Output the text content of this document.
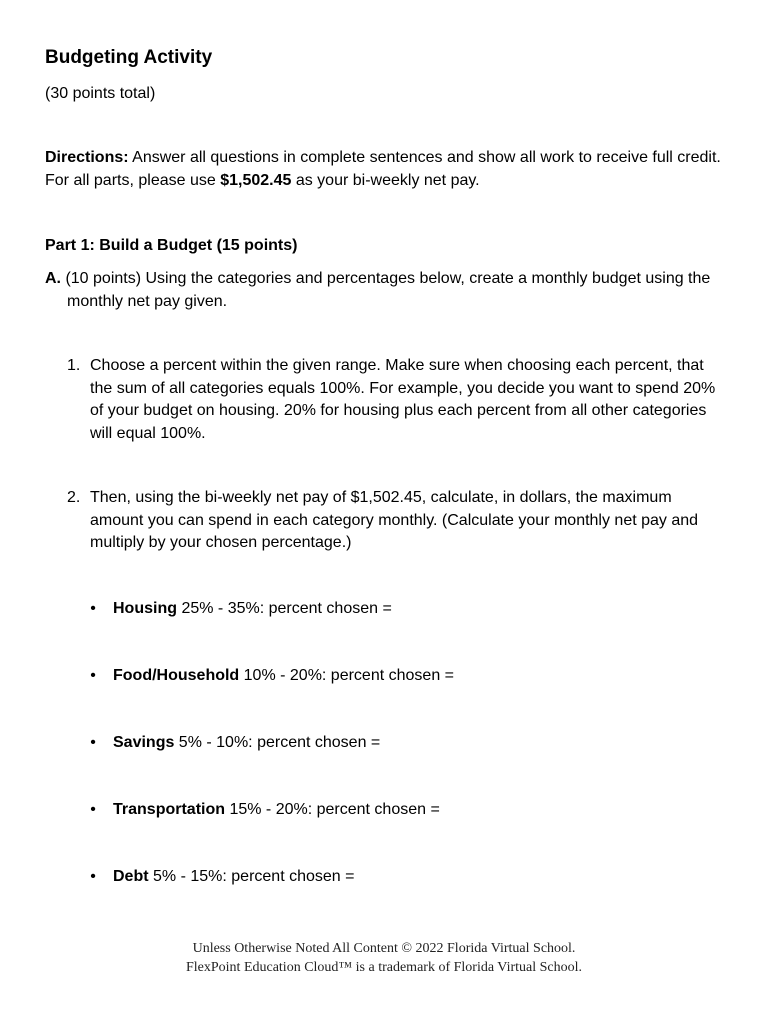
Budgeting Activity
(30 points total)
Directions: Answer all questions in complete sentences and show all work to receive full credit. For all parts, please use $1,502.45 as your bi-weekly net pay.
Part 1: Build a Budget (15 points)
A. (10 points) Using the categories and percentages below, create a monthly budget using the monthly net pay given.
1. Choose a percent within the given range. Make sure when choosing each percent, that the sum of all categories equals 100%. For example, you decide you want to spend 20% of your budget on housing. 20% for housing plus each percent from all other categories will equal 100%.
2. Then, using the bi-weekly net pay of $1,502.45, calculate, in dollars, the maximum amount you can spend in each category monthly. (Calculate your monthly net pay and multiply by your chosen percentage.)
• Housing 25% - 35%: percent chosen =
• Food/Household 10% - 20%: percent chosen =
• Savings 5% - 10%: percent chosen =
• Transportation 15% - 20%: percent chosen =
• Debt 5% - 15%: percent chosen =
Unless Otherwise Noted All Content © 2022 Florida Virtual School.
FlexPoint Education Cloud™ is a trademark of Florida Virtual School.
